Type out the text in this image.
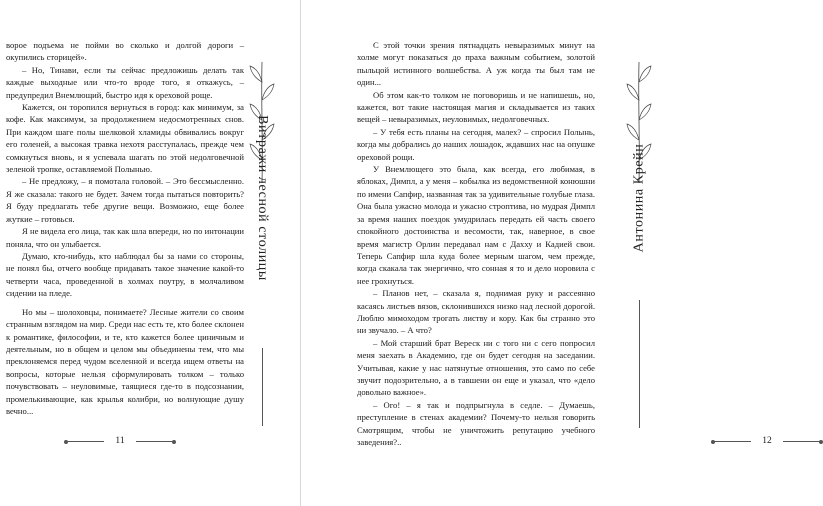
ворое подъема не пойми во сколько и долгой дороги – окупились сторицей».

– Но, Тинави, если ты сейчас предложишь делать так каждые выходные или что-то вроде того, я откажусь, – предупредил Внемлющий, быстро идя к ореховой роще.

Кажется, он торопился вернуться в город: как минимум, за кофе. Как максимум, за продолжением недосмотренных снов. При каждом шаге полы шелковой хламиды обвивались вокруг его голеней, а высокая травка нехотя расступалась, прежде чем сомкнуться вновь, и я успевала шагать по этой недолговечной зеленой тропке, оставляемой Полынью.

– Не предложу, – я помотала головой. – Это бессмысленно. Я же сказала: такого не будет. Зачем тогда пытаться повторить? Я буду предлагать тебе другие вещи. Возможно, еще более жуткие – готовься.

Я не видела его лица, так как шла впереди, но по интонации поняла, что он улыбается.

Думаю, кто-нибудь, кто наблюдал бы за нами со стороны, не понял бы, отчего вообще придавать такое значение какой-то четверти часа, проведенной в холмах поутру, в молчаливом сидении на пледе.

Но мы – шолоховцы, понимаете? Лесные жители со своим странным взглядом на мир. Среди нас есть те, кто более склонен к романтике, философии, и те, кто кажется более циничным и деятельным, но в общем и целом мы объединены тем, что мы преклоняемся перед чудом вселенной и всегда ищем ответы на вопросы, которые нельзя сформулировать толком – только почувствовать – неуловимые, таящиеся где-то в подсознании, промелькивающие, как крылья колибри, но волнующие душу вечно...

Витражи лесной столицы
11
Антонина Крейн

С этой точки зрения пятнадцать невыразимых минут на холме могут показаться до праха важным событием, золотой пыльцой истинного волшебства. А уж когда ты был там не один...

Об этом как-то толком не поговоришь и не напишешь, но, кажется, вот такие настоящая магия и складывается из таких вещей – невыразимых, неуловимых, недолговечных.

– У тебя есть планы на сегодня, малех? – спросил Полынь, когда мы добрались до наших лошадок, ждавших нас на опушке ореховой рощи.

У Внемлющего это была, как всегда, его любимая, в яблоках, Димпл, а у меня – кобылка из ведомственной конюшни по имени Сапфир, названная так за удивительные голубые глаза. Она была ужасно молода и ужасно строптива, но мудрая Димпл за время наших поездок умудрилась передать ей часть своего спокойного достоинства и весомости, так, наверное, в свое время магистр Орлин передавал нам с Дахху и Кадией свои. Теперь Сапфир шла куда более мерным шагом, чем прежде, когда скакала так энергично, что сонная я то и дело норовила с нее грохнуться.

– Планов нет, – сказала я, поднимая руку и рассеянно касаясь листьев вязов, склонившихся низко над лесной дорогой. Люблю мимоходом трогать листву и кору. Как бы странно это ни звучало. – А что?

– Мой старший брат Вереск ни с того ни с сего попросил меня заехать в Академию, где он будет сегодня на заседании. Учитывая, какие у нас натянутые отношения, это само по себе звучит подозрительно, а в тавшени он еще и указал, что «дело довольно важное».

– Ого! – я так и подпрыгнула в седле. – Думаешь, преступление в стенах академии? Почему-то нельзя говорить Смотрящим, чтобы не уничтожить репутацию учебного заведения?..	12
